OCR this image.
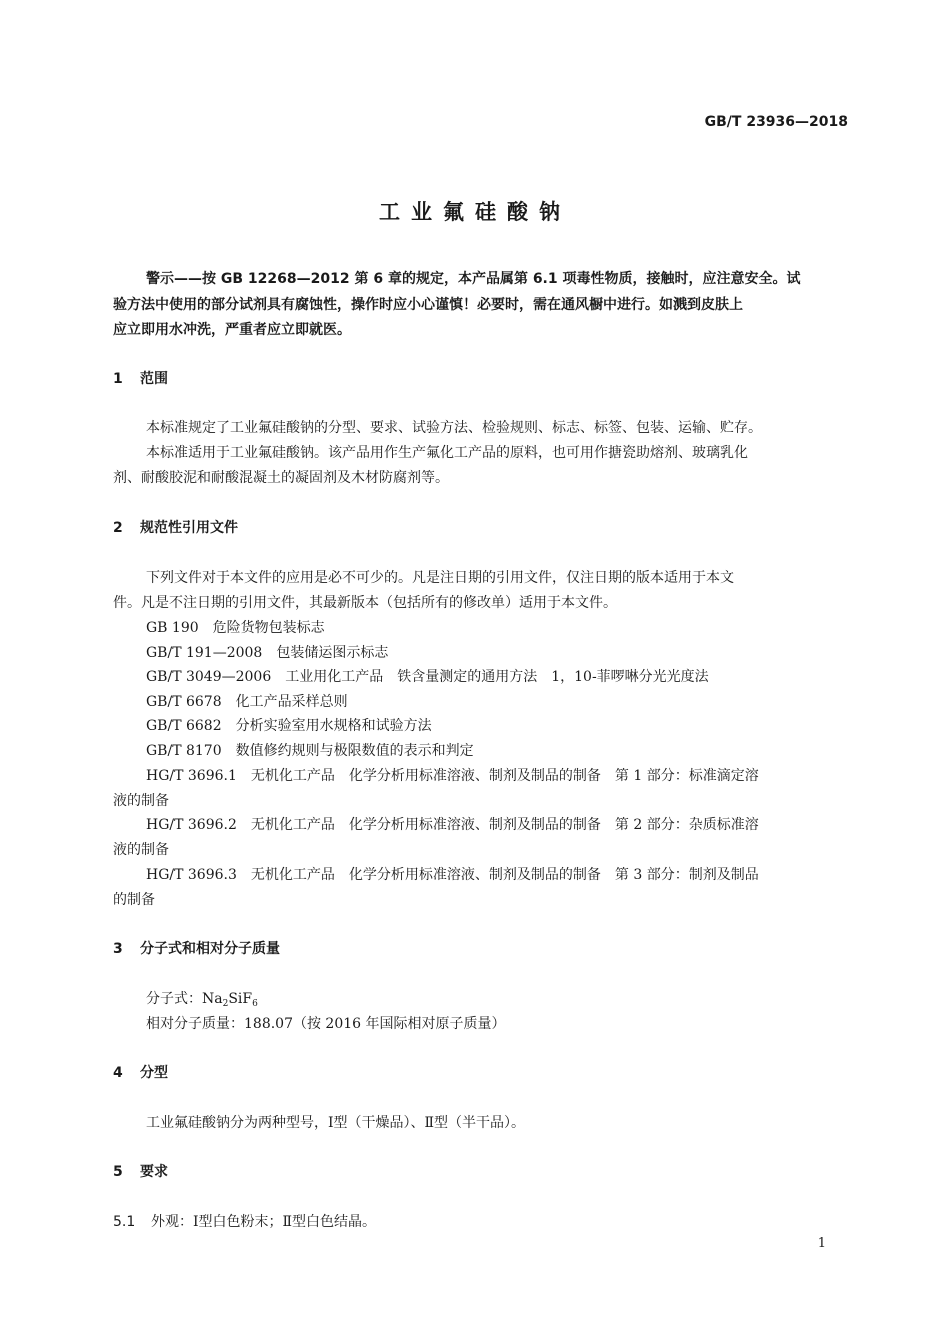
GB/T 23936—2018
工业氟硅酸钠
警示——按 GB 12268—2012 第 6 章的规定，本产品属第 6.1 项毒性物质，接触时，应注意安全。试
验方法中使用的部分试剂具有腐蚀性，操作时应小心谨慎！必要时，需在通风橱中进行。如溅到皮肤上
应立即用水冲洗，严重者应立即就医。
1 范围
本标准规定了工业氟硅酸钠的分型、要求、试验方法、检验规则、标志、标签、包装、运输、贮存。
本标准适用于工业氟硅酸钠。该产品用作生产氟化工产品的原料，也可用作搪瓷助熔剂、玻璃乳化
剂、耐酸胶泥和耐酸混凝土的凝固剂及木材防腐剂等。
2 规范性引用文件
下列文件对于本文件的应用是必不可少的。凡是注日期的引用文件，仅注日期的版本适用于本文
件。凡是不注日期的引用文件，其最新版本（包括所有的修改单）适用于本文件。
GB 190　危险货物包装标志
GB/T 191—2008　包装储运图示标志
GB/T 3049—2006　工业用化工产品　铁含量测定的通用方法　1，10-菲啰啉分光光度法
GB/T 6678　化工产品采样总则
GB/T 6682　分析实验室用水规格和试验方法
GB/T 8170　数值修约规则与极限数值的表示和判定
HG/T 3696.1　无机化工产品　化学分析用标准溶液、制剂及制品的制备　第 1 部分：标准滴定溶
液的制备
HG/T 3696.2　无机化工产品　化学分析用标准溶液、制剂及制品的制备　第 2 部分：杂质标准溶
液的制备
HG/T 3696.3　无机化工产品　化学分析用标准溶液、制剂及制品的制备　第 3 部分：制剂及制品
的制备
3 分子式和相对分子质量
分子式：$Na_2SiF_6$
相对分子质量：188.07（按 2016 年国际相对原子质量）
4 分型
工业氟硅酸钠分为两种型号，Ⅰ型（干燥品）、Ⅱ型（半干品）。
5 要求
5.1 外观：Ⅰ型白色粉末；Ⅱ型白色结晶。
1
